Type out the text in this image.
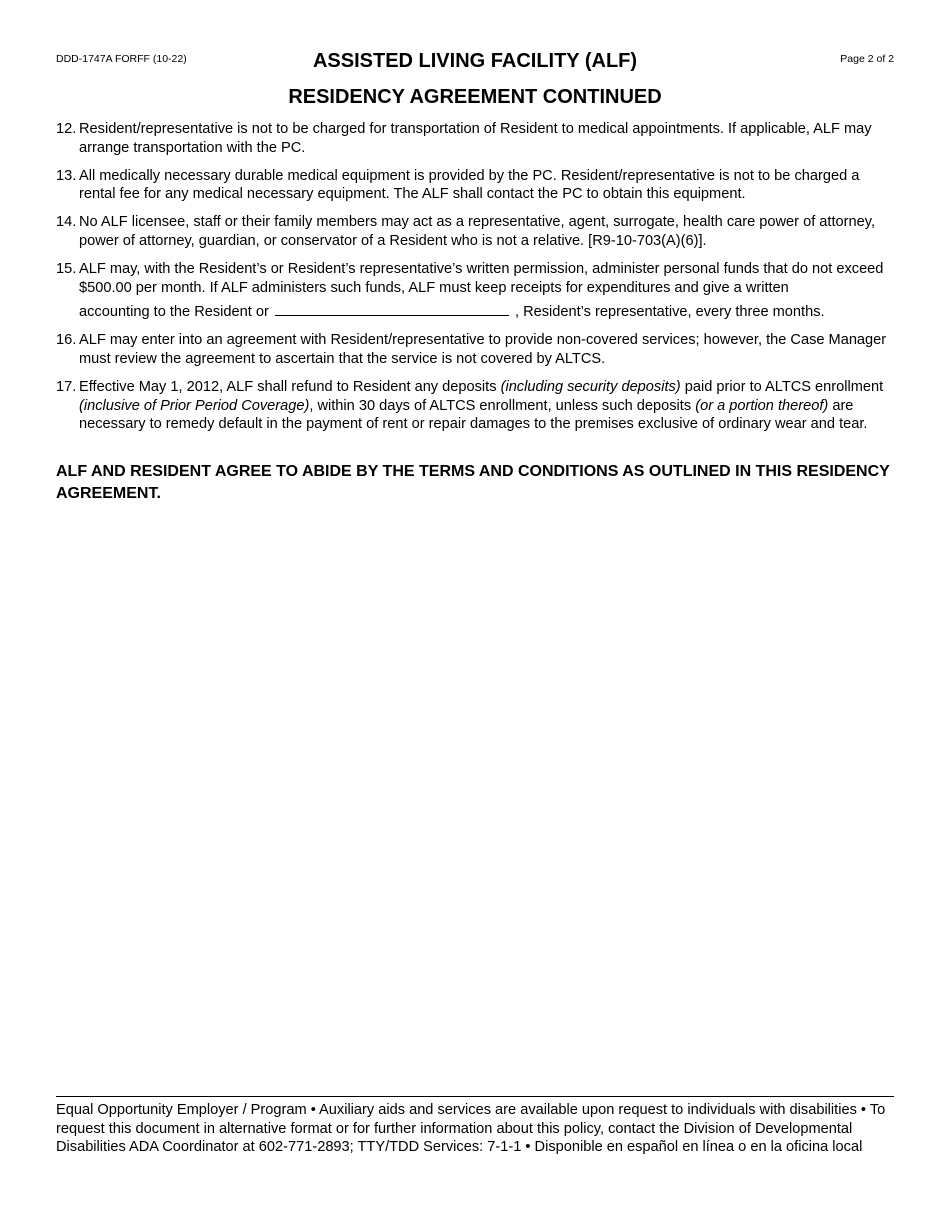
DDD-1747A FORFF (10-22)	Page 2 of 2
ASSISTED LIVING FACILITY (ALF)
RESIDENCY AGREEMENT CONTINUED
12. Resident/representative is not to be charged for transportation of Resident to medical appointments. If applicable, ALF may arrange transportation with the PC.
13. All medically necessary durable medical equipment is provided by the PC. Resident/representative is not to be charged a rental fee for any medical necessary equipment. The ALF shall contact the PC to obtain this equipment.
14. No ALF licensee, staff or their family members may act as a representative, agent, surrogate, health care power of attorney, power of attorney, guardian, or conservator of a Resident who is not a relative. [R9-10-703(A)(6)].
15. ALF may, with the Resident’s or Resident’s representative’s written permission, administer personal funds that do not exceed $500.00 per month. If ALF administers such funds, ALF must keep receipts for expenditures and give a written
accounting to the Resident or	, Resident’s representative, every three months.
16. ALF may enter into an agreement with Resident/representative to provide non-covered services; however, the Case Manager must review the agreement to ascertain that the service is not covered by ALTCS.
17. Effective May 1, 2012, ALF shall refund to Resident any deposits (including security deposits) paid prior to ALTCS enrollment (inclusive of Prior Period Coverage), within 30 days of ALTCS enrollment, unless such deposits (or a portion thereof) are necessary to remedy default in the payment of rent or repair damages to the premises exclusive of ordinary wear and tear.
ALF AND RESIDENT AGREE TO ABIDE BY THE TERMS AND CONDITIONS AS OUTLINED IN THIS RESIDENCY AGREEMENT.
Equal Opportunity Employer / Program • Auxiliary aids and services are available upon request to individuals with disabilities • To request this document in alternative format or for further information about this policy, contact the Division of Developmental Disabilities ADA Coordinator at 602-771-2893; TTY/TDD Services: 7-1-1 • Disponible en español en línea o en la oficina local
